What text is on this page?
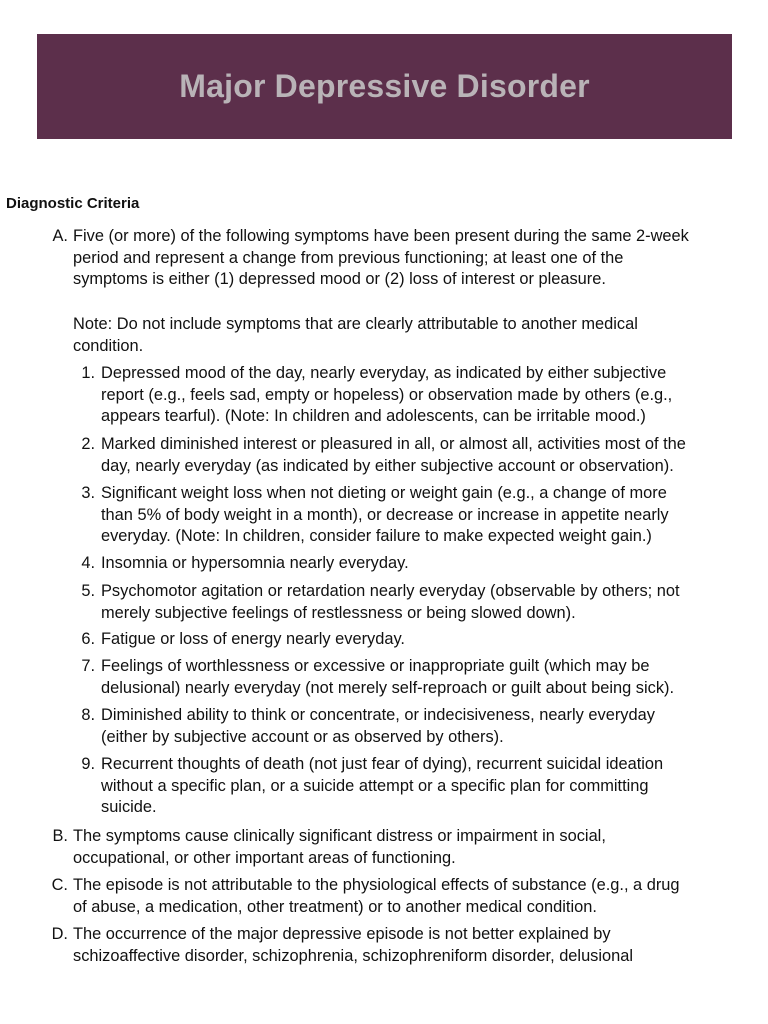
Major Depressive Disorder
Diagnostic Criteria
A. Five (or more) of the following symptoms have been present during the same 2-week
period and represent a change from previous functioning; at least one of the
symptoms is either (1) depressed mood or (2) loss of interest or pleasure.
Note: Do not include symptoms that are clearly attributable to another medical
condition.
1. Depressed mood of the day, nearly everyday, as indicated by either subjective
report (e.g., feels sad, empty or hopeless) or observation made by others (e.g.,
appears tearful). (Note: In children and adolescents, can be irritable mood.)
2. Marked diminished interest or pleasured in all, or almost all, activities most of the
day, nearly everyday (as indicated by either subjective account or observation).
3. Significant weight loss when not dieting or weight gain (e.g., a change of more
than 5% of body weight in a month), or decrease or increase in appetite nearly
everyday. (Note: In children, consider failure to make expected weight gain.)
4. Insomnia or hypersomnia nearly everyday.
5. Psychomotor agitation or retardation nearly everyday (observable by others; not
merely subjective feelings of restlessness or being slowed down).
6. Fatigue or loss of energy nearly everyday.
7. Feelings of worthlessness or excessive or inappropriate guilt (which may be
delusional) nearly everyday (not merely self-reproach or guilt about being sick).
8. Diminished ability to think or concentrate, or indecisiveness, nearly everyday
(either by subjective account or as observed by others).
9. Recurrent thoughts of death (not just fear of dying), recurrent suicidal ideation
without a specific plan, or a suicide attempt or a specific plan for committing
suicide.
B. The symptoms cause clinically significant distress or impairment in social,
occupational, or other important areas of functioning.
C. The episode is not attributable to the physiological effects of substance (e.g., a drug
of abuse, a medication, other treatment) or to another medical condition.
D. The occurrence of the major depressive episode is not better explained by
schizoaffective disorder, schizophrenia, schizophreniform disorder, delusional
